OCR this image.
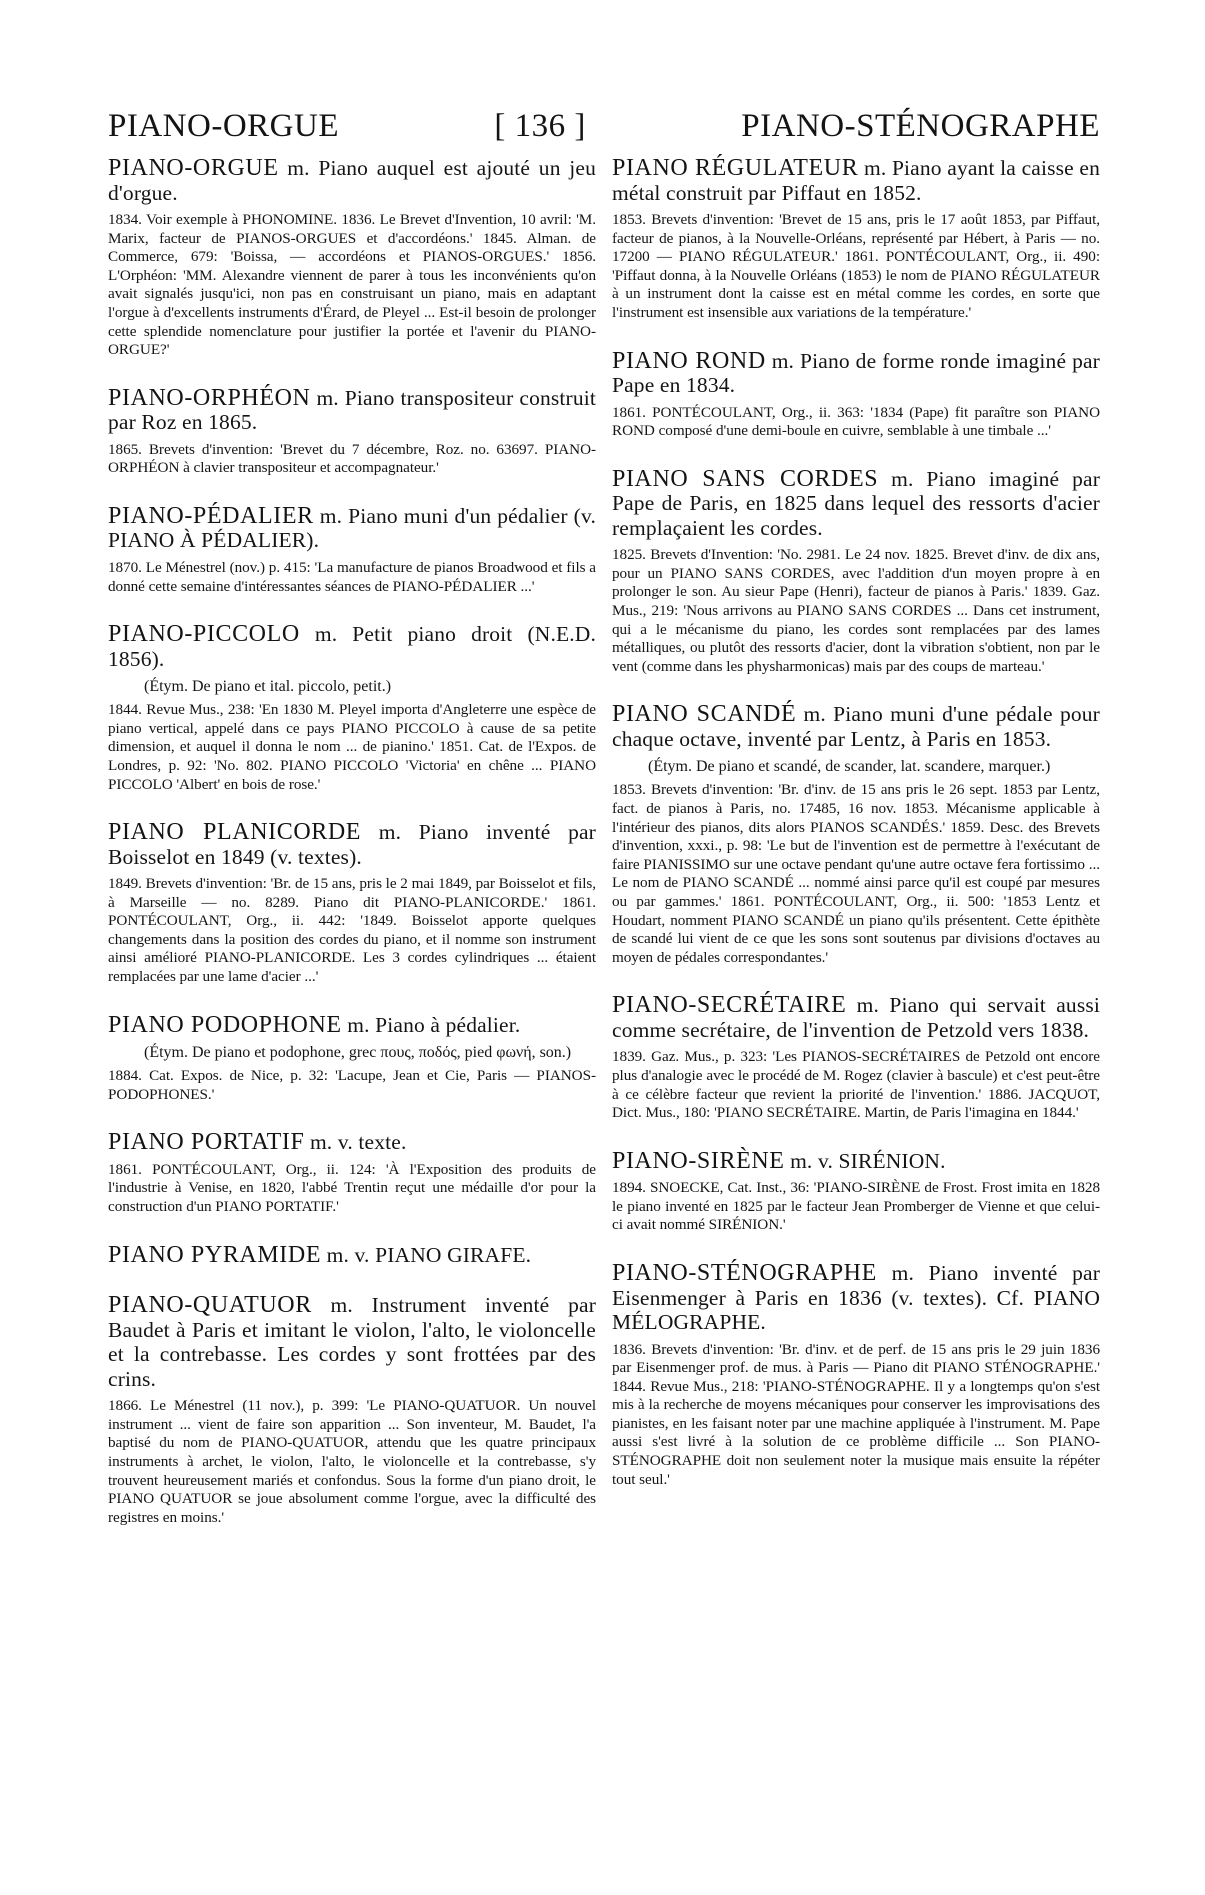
PIANO-ORGUE	[ 136 ]	PIANO-STÉNOGRAPHE

PIANO-ORGUE m. Piano auquel est ajouté un jeu d'orgue.

1834. Voir exemple à PHONOMINE. 1836. Le Brevet d'Invention, 10 avril: 'M. Marix, facteur de PIANOS-ORGUES et d'accordéons.' 1845. Alman. de Commerce, 679: 'Boissa, — accordéons et PIANOS-ORGUES.' 1856. L'Orphéon: 'MM. Alexandre viennent de parer à tous les inconvénients qu'on avait signalés jusqu'ici, non pas en construisant un piano, mais en adaptant l'orgue à d'excellents instruments d'Érard, de Pleyel ... Est-il besoin de prolonger cette splendide nomenclature pour justifier la portée et l'avenir du PIANO-ORGUE?'

PIANO-ORPHÉON m. Piano transpositeur construit par Roz en 1865.

1865. Brevets d'invention: 'Brevet du 7 décembre, Roz. no. 63697. PIANO-ORPHÉON à clavier transpositeur et accompagnateur.'

PIANO-PÉDALIER m. Piano muni d'un pédalier (v. PIANO À PÉDALIER).

1870. Le Ménestrel (nov.) p. 415: 'La manufacture de pianos Broadwood et fils a donné cette semaine d'intéressantes séances de PIANO-PÉDALIER ...'

PIANO-PICCOLO m. Petit piano droit (N.E.D. 1856).

(Étym. De piano et ital. piccolo, petit.)

1844. Revue Mus., 238: 'En 1830 M. Pleyel importa d'Angleterre une espèce de piano vertical, appelé dans ce pays PIANO PICCOLO à cause de sa petite dimension, et auquel il donna le nom ... de pianino.' 1851. Cat. de l'Expos. de Londres, p. 92: 'No. 802. PIANO PICCOLO 'Victoria' en chêne ... PIANO PICCOLO 'Albert' en bois de rose.'

PIANO PLANICORDE m. Piano inventé par Boisselot en 1849 (v. textes).

1849. Brevets d'invention: 'Br. de 15 ans, pris le 2 mai 1849, par Boisselot et fils, à Marseille — no. 8289. Piano dit PIANO-PLANICORDE.' 1861. PONTÉCOULANT, Org., ii. 442: '1849. Boisselot apporte quelques changements dans la position des cordes du piano, et il nomme son instrument ainsi amélioré PIANO-PLANICORDE. Les 3 cordes cylindriques ... étaient remplacées par une lame d'acier ...'

PIANO PODOPHONE m. Piano à pédalier.

(Étym. De piano et podophone, grec πους, ποδός, pied φωνή, son.)

1884. Cat. Expos. de Nice, p. 32: 'Lacupe, Jean et Cie, Paris — PIANOS-PODOPHONES.'

PIANO PORTATIF m. v. texte.

1861. PONTÉCOULANT, Org., ii. 124: 'À l'Exposition des produits de l'industrie à Venise, en 1820, l'abbé Trentin reçut une médaille d'or pour la construction d'un PIANO PORTATIF.'

PIANO PYRAMIDE m. v. PIANO GIRAFE.

PIANO-QUATUOR m. Instrument inventé par Baudet à Paris et imitant le violon, l'alto, le violoncelle et la contrebasse. Les cordes y sont frottées par des crins.

1866. Le Ménestrel (11 nov.), p. 399: 'Le PIANO-QUATUOR. Un nouvel instrument ... vient de faire son apparition ... Son inventeur, M. Baudet, l'a baptisé du nom de PIANO-QUATUOR, attendu que les quatre principaux instruments à archet, le violon, l'alto, le violoncelle et la contrebasse, s'y trouvent heureusement mariés et confondus. Sous la forme d'un piano droit, le PIANO QUATUOR se joue absolument comme l'orgue, avec la difficulté des registres en moins.'

PIANO RÉGULATEUR m. Piano ayant la caisse en métal construit par Piffaut en 1852.

1853. Brevets d'invention: 'Brevet de 15 ans, pris le 17 août 1853, par Piffaut, facteur de pianos, à la Nouvelle-Orléans, représenté par Hébert, à Paris — no. 17200 — PIANO RÉGULATEUR.' 1861. PONTÉCOULANT, Org., ii. 490: 'Piffaut donna, à la Nouvelle Orléans (1853) le nom de PIANO RÉGULATEUR à un instrument dont la caisse est en métal comme les cordes, en sorte que l'instrument est insensible aux variations de la température.'

PIANO ROND m. Piano de forme ronde imaginé par Pape en 1834.

1861. PONTÉCOULANT, Org., ii. 363: '1834 (Pape) fit paraître son PIANO ROND composé d'une demi-boule en cuivre, semblable à une timbale ...'

PIANO SANS CORDES m. Piano imaginé par Pape de Paris, en 1825 dans lequel des ressorts d'acier remplaçaient les cordes.

1825. Brevets d'Invention: 'No. 2981. Le 24 nov. 1825. Brevet d'inv. de dix ans, pour un PIANO SANS CORDES, avec l'addition d'un moyen propre à en prolonger le son. Au sieur Pape (Henri), facteur de pianos à Paris.' 1839. Gaz. Mus., 219: 'Nous arrivons au PIANO SANS CORDES ... Dans cet instrument, qui a le mécanisme du piano, les cordes sont remplacées par des lames métalliques, ou plutôt des ressorts d'acier, dont la vibration s'obtient, non par le vent (comme dans les physharmonicas) mais par des coups de marteau.'

PIANO SCANDÉ m. Piano muni d'une pédale pour chaque octave, inventé par Lentz, à Paris en 1853.

(Étym. De piano et scandé, de scander, lat. scandere, marquer.)

1853. Brevets d'invention: 'Br. d'inv. de 15 ans pris le 26 sept. 1853 par Lentz, fact. de pianos à Paris, no. 17485, 16 nov. 1853. Mécanisme applicable à l'intérieur des pianos, dits alors PIANOS SCANDÉS.' 1859. Desc. des Brevets d'invention, xxxi., p. 98: 'Le but de l'invention est de permettre à l'exécutant de faire PIANISSIMO sur une octave pendant qu'une autre octave fera fortissimo ... Le nom de PIANO SCANDÉ ... nommé ainsi parce qu'il est coupé par mesures ou par gammes.' 1861. PONTÉCOULANT, Org., ii. 500: '1853 Lentz et Houdart, nomment PIANO SCANDÉ un piano qu'ils présentent. Cette épithète de scandé lui vient de ce que les sons sont soutenus par divisions d'octaves au moyen de pédales correspondantes.'

PIANO-SECRÉTAIRE m. Piano qui servait aussi comme secrétaire, de l'invention de Petzold vers 1838.

1839. Gaz. Mus., p. 323: 'Les PIANOS-SECRÉTAIRES de Petzold ont encore plus d'analogie avec le procédé de M. Rogez (clavier à bascule) et c'est peut-être à ce célèbre facteur que revient la priorité de l'invention.' 1886. JACQUOT, Dict. Mus., 180: 'PIANO SECRÉTAIRE. Martin, de Paris l'imagina en 1844.'

PIANO-SIRÈNE m. v. SIRÉNION.

1894. SNOECKE, Cat. Inst., 36: 'PIANO-SIRÈNE de Frost. Frost imita en 1828 le piano inventé en 1825 par le facteur Jean Promberger de Vienne et que celui-ci avait nommé SIRÉNION.'

PIANO-STÉNOGRAPHE m. Piano inventé par Eisenmenger à Paris en 1836 (v. textes). Cf. PIANO MÉLOGRAPHE.

1836. Brevets d'invention: 'Br. d'inv. et de perf. de 15 ans pris le 29 juin 1836 par Eisenmenger prof. de mus. à Paris — Piano dit PIANO STÉNOGRAPHE.' 1844. Revue Mus., 218: 'PIANO-STÉNOGRAPHE. Il y a longtemps qu'on s'est mis à la recherche de moyens mécaniques pour conserver les improvisations des pianistes, en les faisant noter par une machine appliquée à l'instrument. M. Pape aussi s'est livré à la solution de ce problème difficile ... Son PIANO-STÉNOGRAPHE doit non seulement noter la musique mais ensuite la répéter tout seul.'
